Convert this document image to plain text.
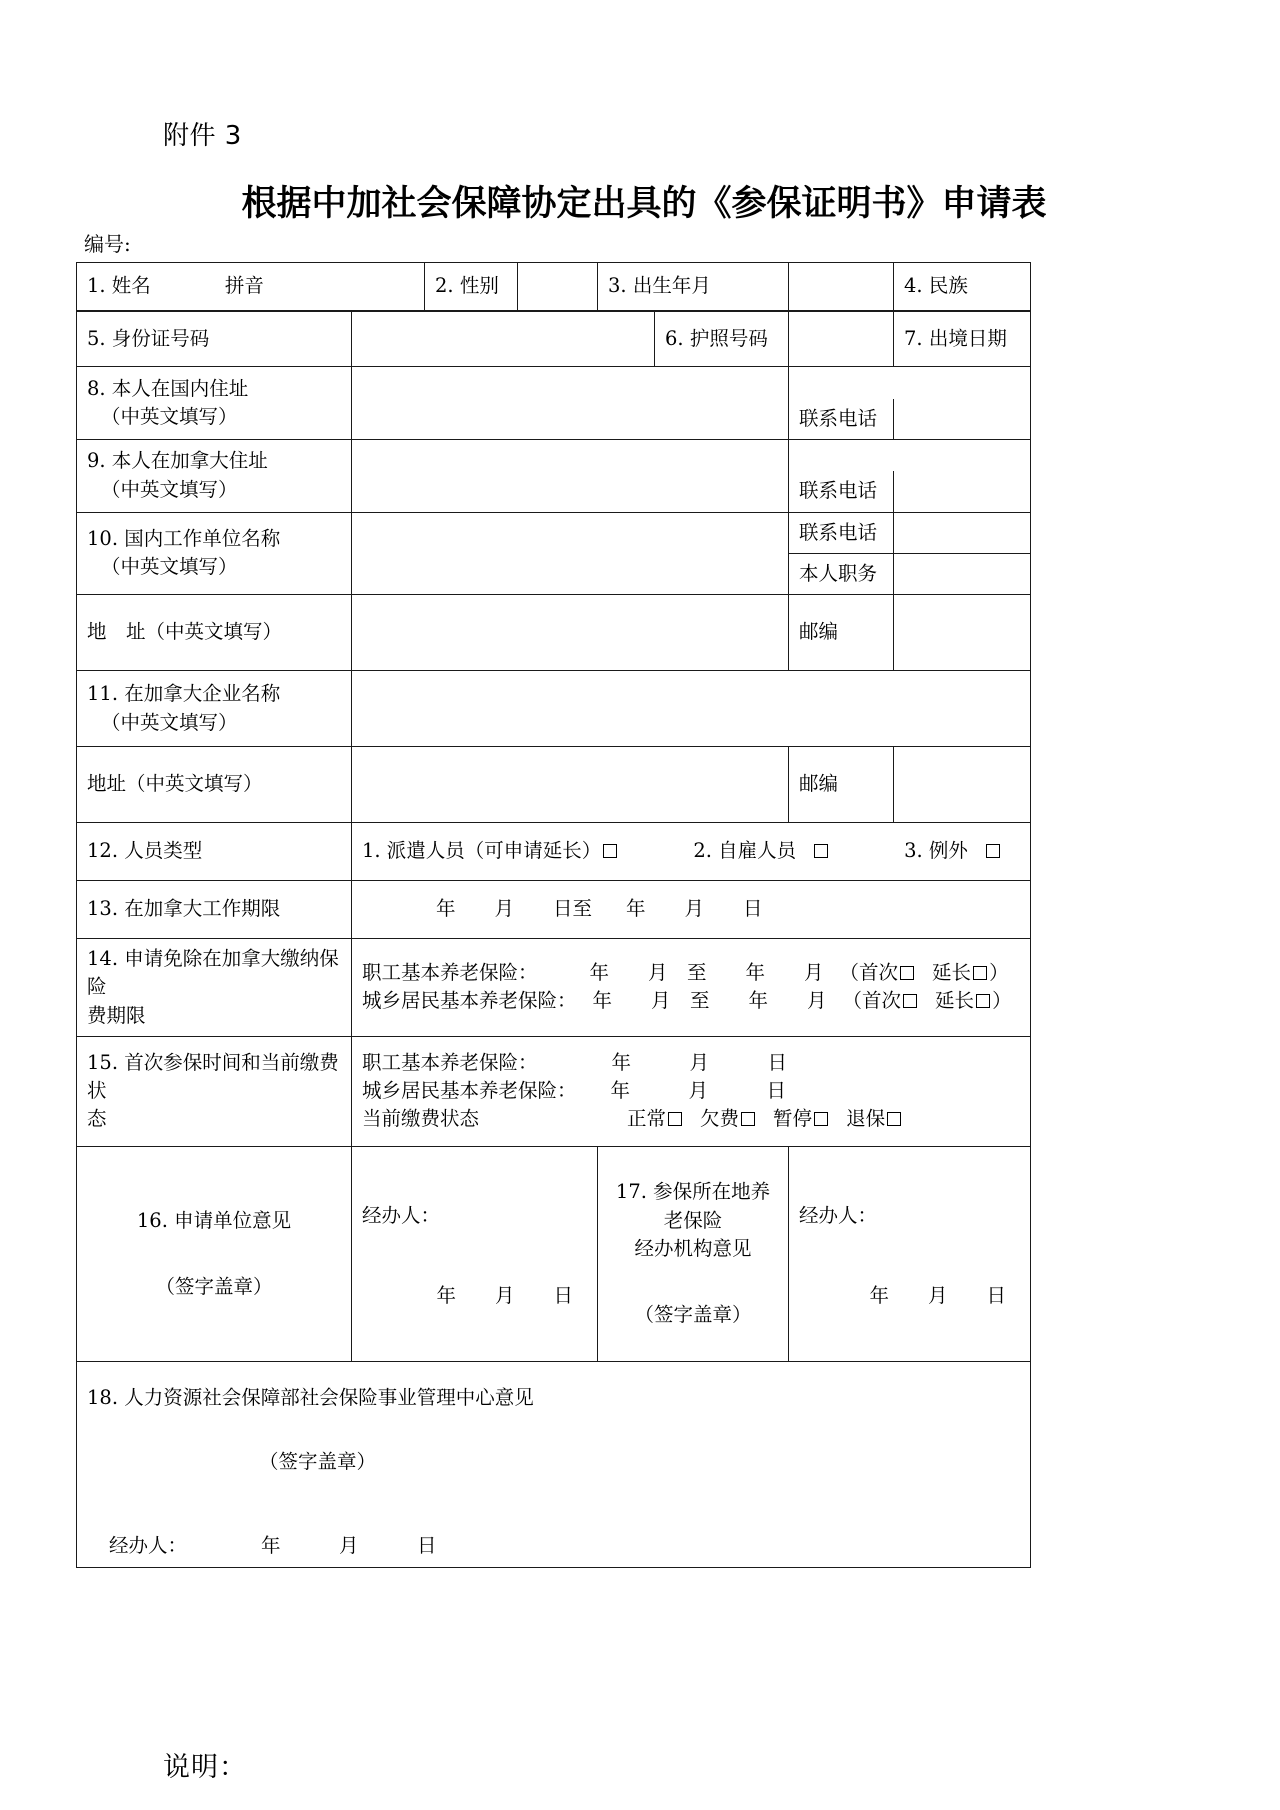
附件 3
根据中加社会保障协定出具的《参保证明书》申请表
编号:
1. 姓名 拼音		2. 性别		3. 出生年月			4. 民族

5. 身份证号码					6. 护照号码		7. 出境日期

8. 本人在国内住址
（中英文填写）							
						联系电话	

9. 本人在加拿大住址
（中英文填写）							
						联系电话	

10. 国内工作单位名称
（中英文填写）						联系电话	
						本人职务	
地　址（中英文填写）						邮编	

11. 在加拿大企业名称
（中英文填写）							
地址（中英文填写）						邮编	
12. 人员类型	1. 派遣人员（可申请延长） 2. 自雇人员 3. 例外						
13. 在加拿大工作期限	年　　月　　日至 年　　月　　日						

14. 申请免除在加拿大缴纳保险
费期限

职工基本养老保险：	年　　月　至　　年　　月 （首次 延长 ）
城乡居民基本养老保险： 年　　月　至　　年　　月 （首次 延长 ）

15. 首次参保时间和当前缴费状
态

职工基本养老保险：	年　　　月　　　日
城乡居民基本养老保险： 年　　　月　　　日
当前缴费状态	正常 欠费 暂停 退保

16. 申请单位意见
（签字盖章）

经办人：
年　　月　　日

17. 参保所在地养老保险
经办机构意见
（签字盖章）

经办人：
年　　月　　日

18. 人力资源社会保障部社会保险事业管理中心意见
（签字盖章）
经办人： 年　　　月　　　日							
说明：
